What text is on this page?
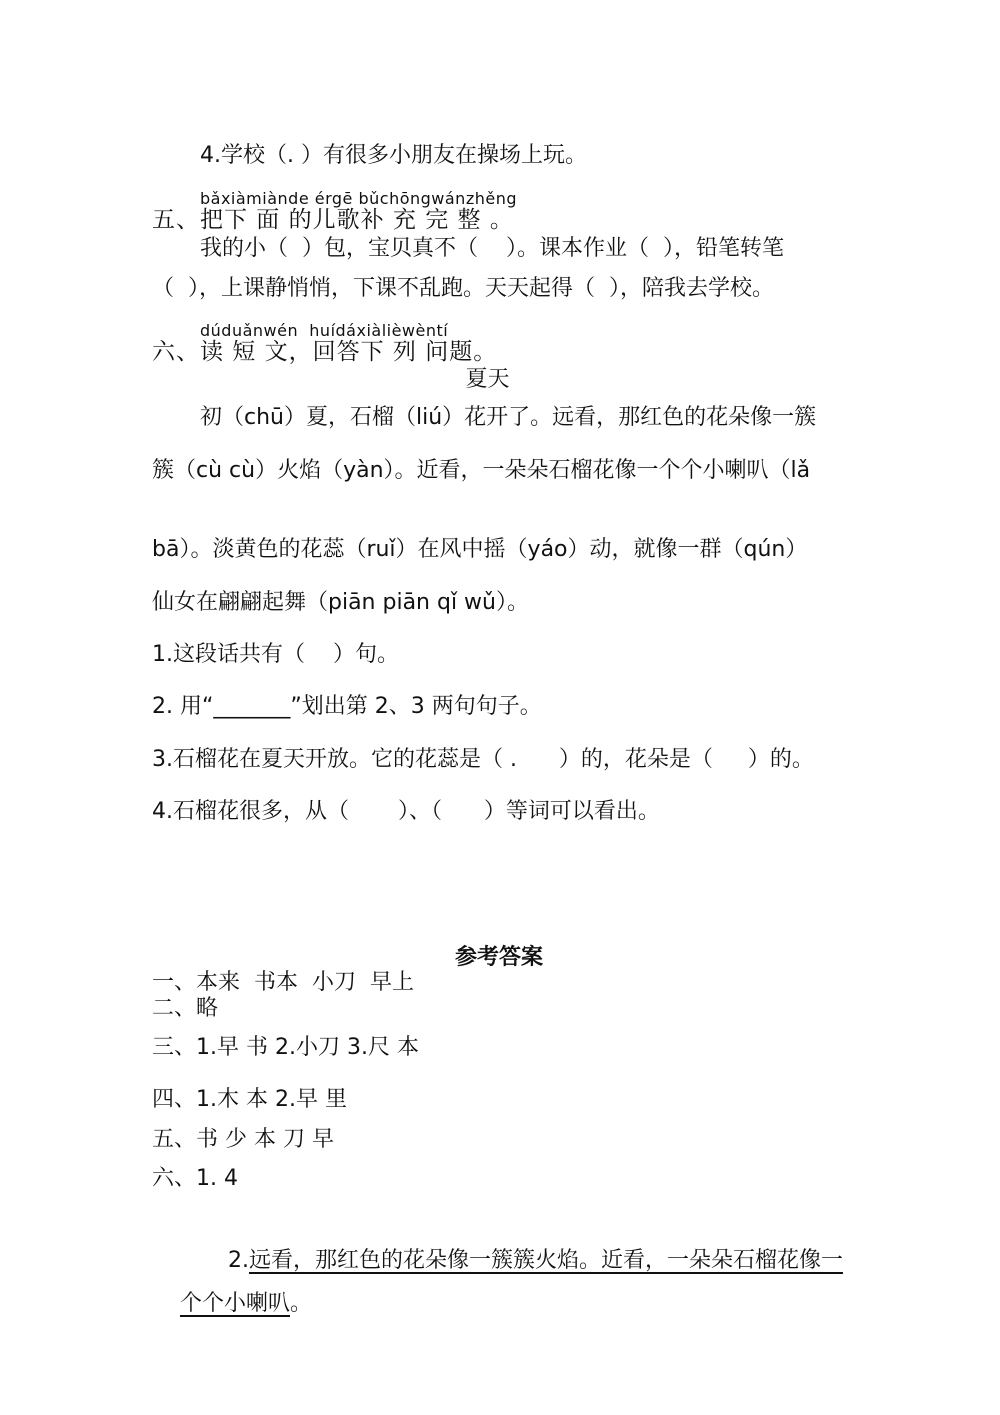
4.学校（. ）有很多小朋友在操场上玩。
bǎxiàmiànde érgē bǔchōngwánzhěng
五、把下 面 的儿歌补 充 完 整 。
我的小（  ）包，宝贝真不（    ）。课本作业（  ），铅笔转笔
（  ），上课静悄悄，下课不乱跑。天天起得（  ），陪我去学校。
dúduǎnwén  huídáxiàlièwèntí
六、读 短 文，回答下 列 问题。
夏天
初（chū）夏，石榴（liú）花开了。远看，那红色的花朵像一簇
簇（cù cù）火焰（yàn）。近看，一朵朵石榴花像一个个小喇叭（lǎ
bā）。淡黄色的花蕊（ruǐ）在风中摇（yáo）动，就像一群（qún）
仙女在翩翩起舞（piān piān qǐ wǔ）。
1.这段话共有（    ）句。
2. 用“_______”划出第 2、3 两句句子。
3.石榴花在夏天开放。它的花蕊是（ .      ）的，花朵是（     ）的。
4.石榴花很多，从（       ）、（      ）等词可以看出。
参考答案
一、本来  书本  小刀  早上
二、略
三、1.早 书 2.小刀 3.尺 本
四、1.木 本 2.早 里
五、书 少 本 刀 早
六、1. 4

2.远看，那红色的花朵像一簇簇火焰。近看，一朵朵石榴花像一

个个小喇叭。
